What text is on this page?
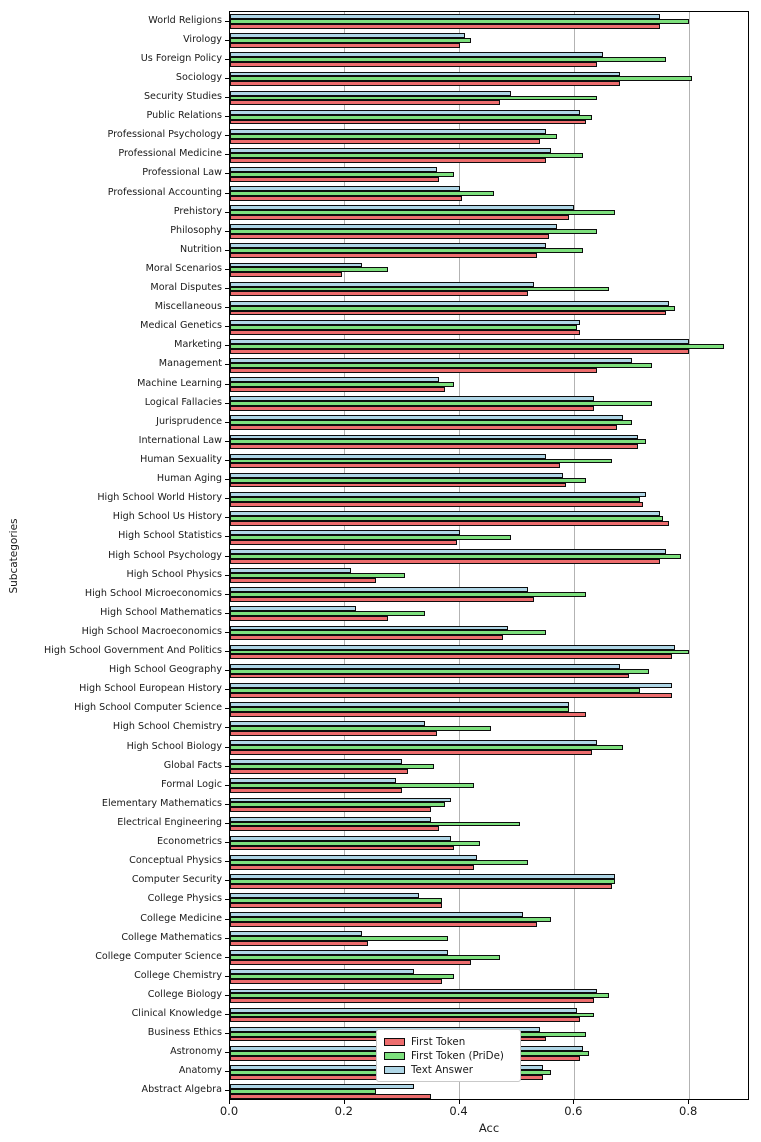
Subcategories
World Religions
Virology
Us Foreign Policy
Sociology
Security Studies
Public Relations
Professional Psychology
Professional Medicine
Professional Law
Professional Accounting
Prehistory
Philosophy
Nutrition
Moral Scenarios
Moral Disputes
Miscellaneous
Medical Genetics
Marketing
Management
Machine Learning
Logical Fallacies
Jurisprudence
International Law
Human Sexuality
Human Aging
High School World History
High School Us History
High School Statistics
High School Psychology
High School Physics
High School Microeconomics
High School Mathematics
High School Macroeconomics
High School Government And Politics
High School Geography
High School European History
High School Computer Science
High School Chemistry
High School Biology
Global Facts
Formal Logic
Elementary Mathematics
Electrical Engineering
Econometrics
Conceptual Physics
Computer Security
College Physics
College Medicine
College Mathematics
College Computer Science
College Chemistry
College Biology
Clinical Knowledge
Business Ethics
Astronomy
Anatomy
Abstract Algebra
0.0	0.2	0.4	0.6	0.8
Acc
First Token
First Token (PriDe)
Text Answer
